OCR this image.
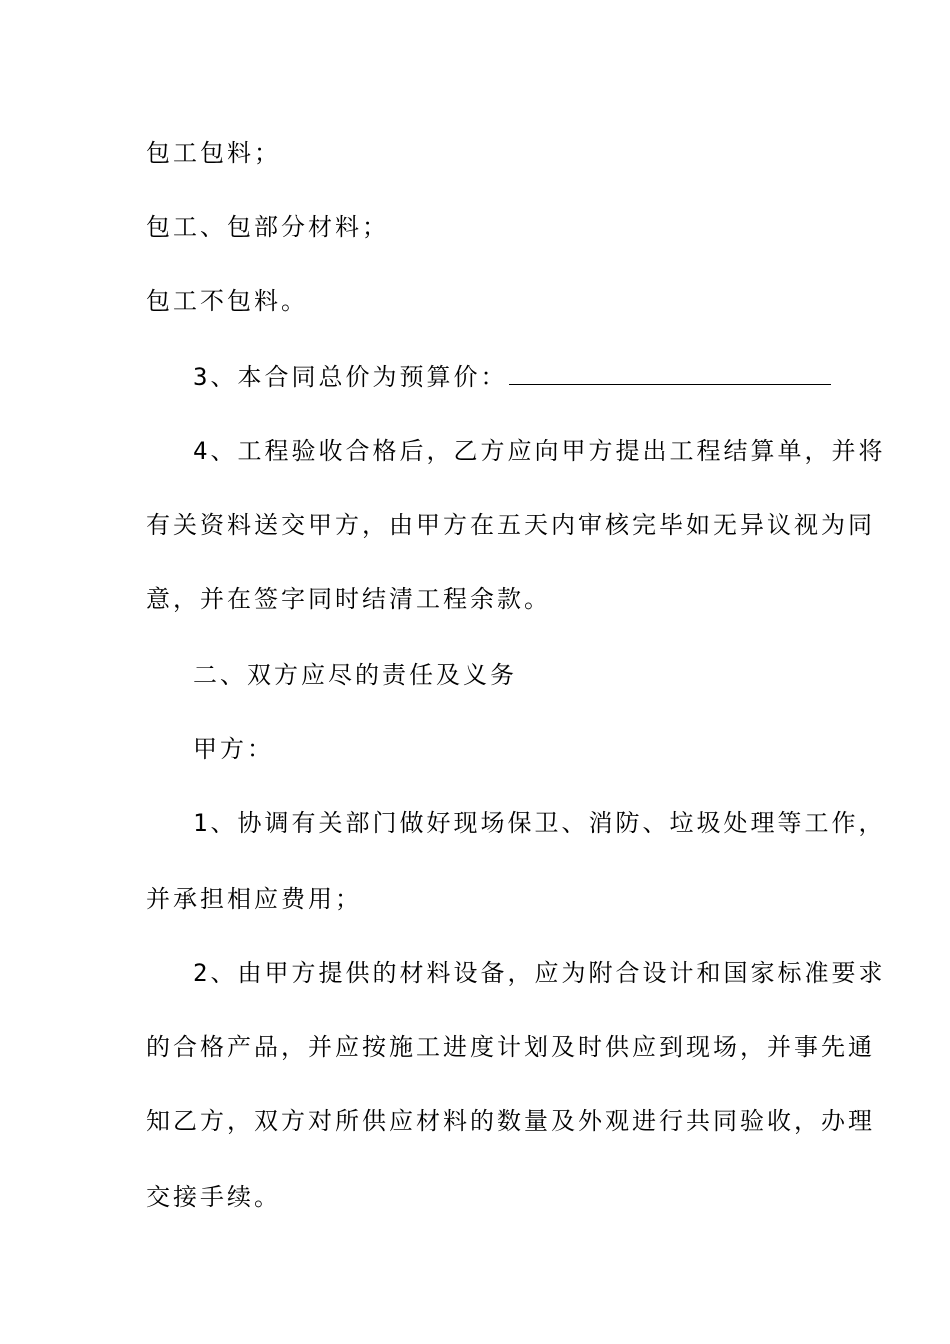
包工包料；
包工、包部分材料；
包工不包料。
3、本合同总价为预算价：
4、工程验收合格后，乙方应向甲方提出工程结算单，并将
有关资料送交甲方，由甲方在五天内审核完毕如无异议视为同
意，并在签字同时结清工程余款。
二、双方应尽的责任及义务
甲方：
1、协调有关部门做好现场保卫、消防、垃圾处理等工作，
并承担相应费用；
2、由甲方提供的材料设备，应为附合设计和国家标准要求
的合格产品，并应按施工进度计划及时供应到现场，并事先通
知乙方，双方对所供应材料的数量及外观进行共同验收，办理
交接手续。
